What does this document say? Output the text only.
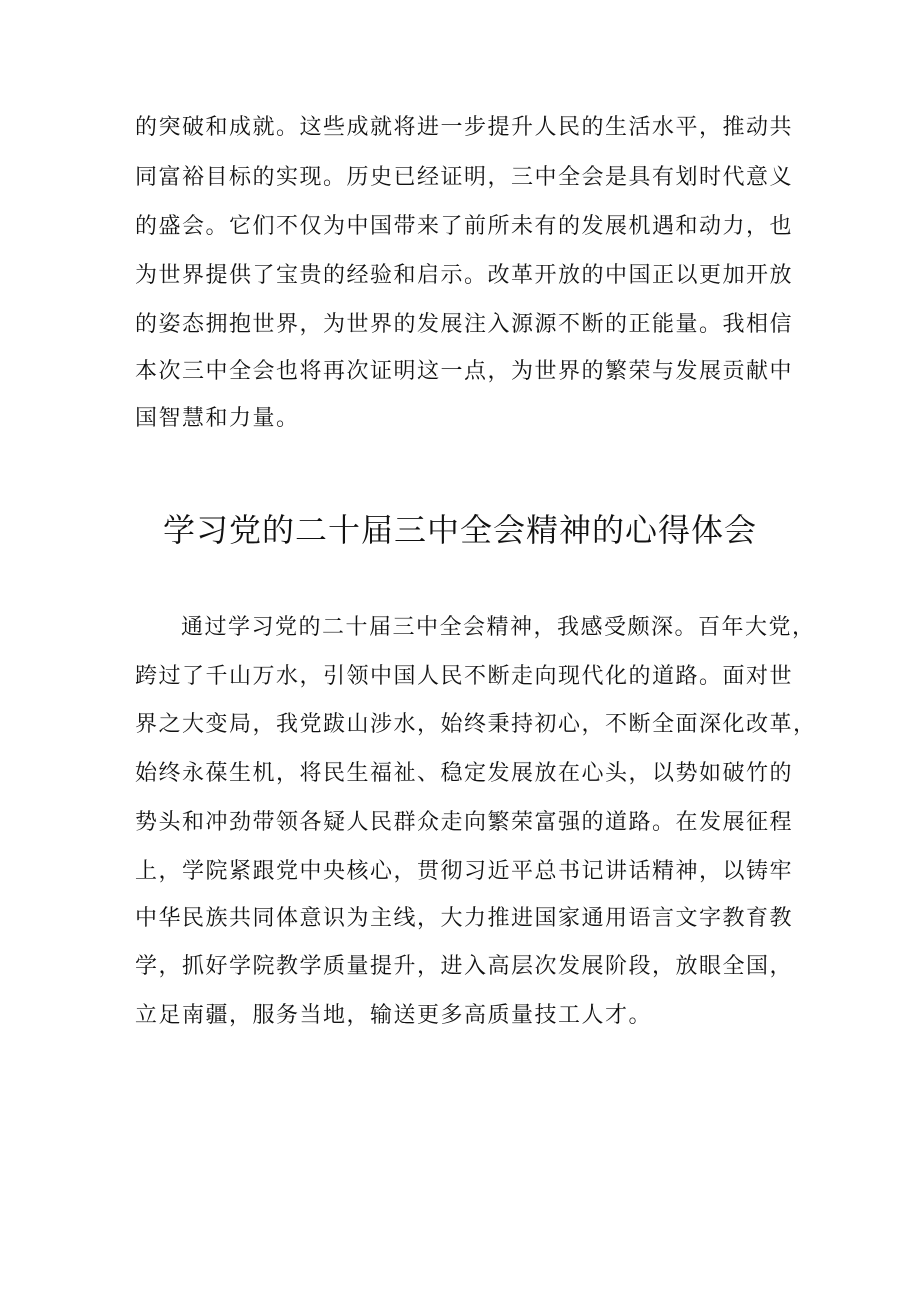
的突破和成就。这些成就将进一步提升人民的生活水平，推动共
同富裕目标的实现。历史已经证明，三中全会是具有划时代意义
的盛会。它们不仅为中国带来了前所未有的发展机遇和动力，也
为世界提供了宝贵的经验和启示。改革开放的中国正以更加开放
的姿态拥抱世界，为世界的发展注入源源不断的正能量。我相信
本次三中全会也将再次证明这一点，为世界的繁荣与发展贡献中
国智慧和力量。
学习党的二十届三中全会精神的心得体会
通过学习党的二十届三中全会精神，我感受颇深。百年大党，
跨过了千山万水，引领中国人民不断走向现代化的道路。面对世
界之大变局，我党跋山涉水，始终秉持初心，不断全面深化改革，
始终永葆生机，将民生福祉、稳定发展放在心头，以势如破竹的
势头和冲劲带领各疑人民群众走向繁荣富强的道路。在发展征程
上，学院紧跟党中央核心，贯彻习近平总书记讲话精神，以铸牢
中华民族共同体意识为主线，大力推进国家通用语言文字教育教
学，抓好学院教学质量提升，进入高层次发展阶段，放眼全国，
立足南疆，服务当地，输送更多高质量技工人才。
